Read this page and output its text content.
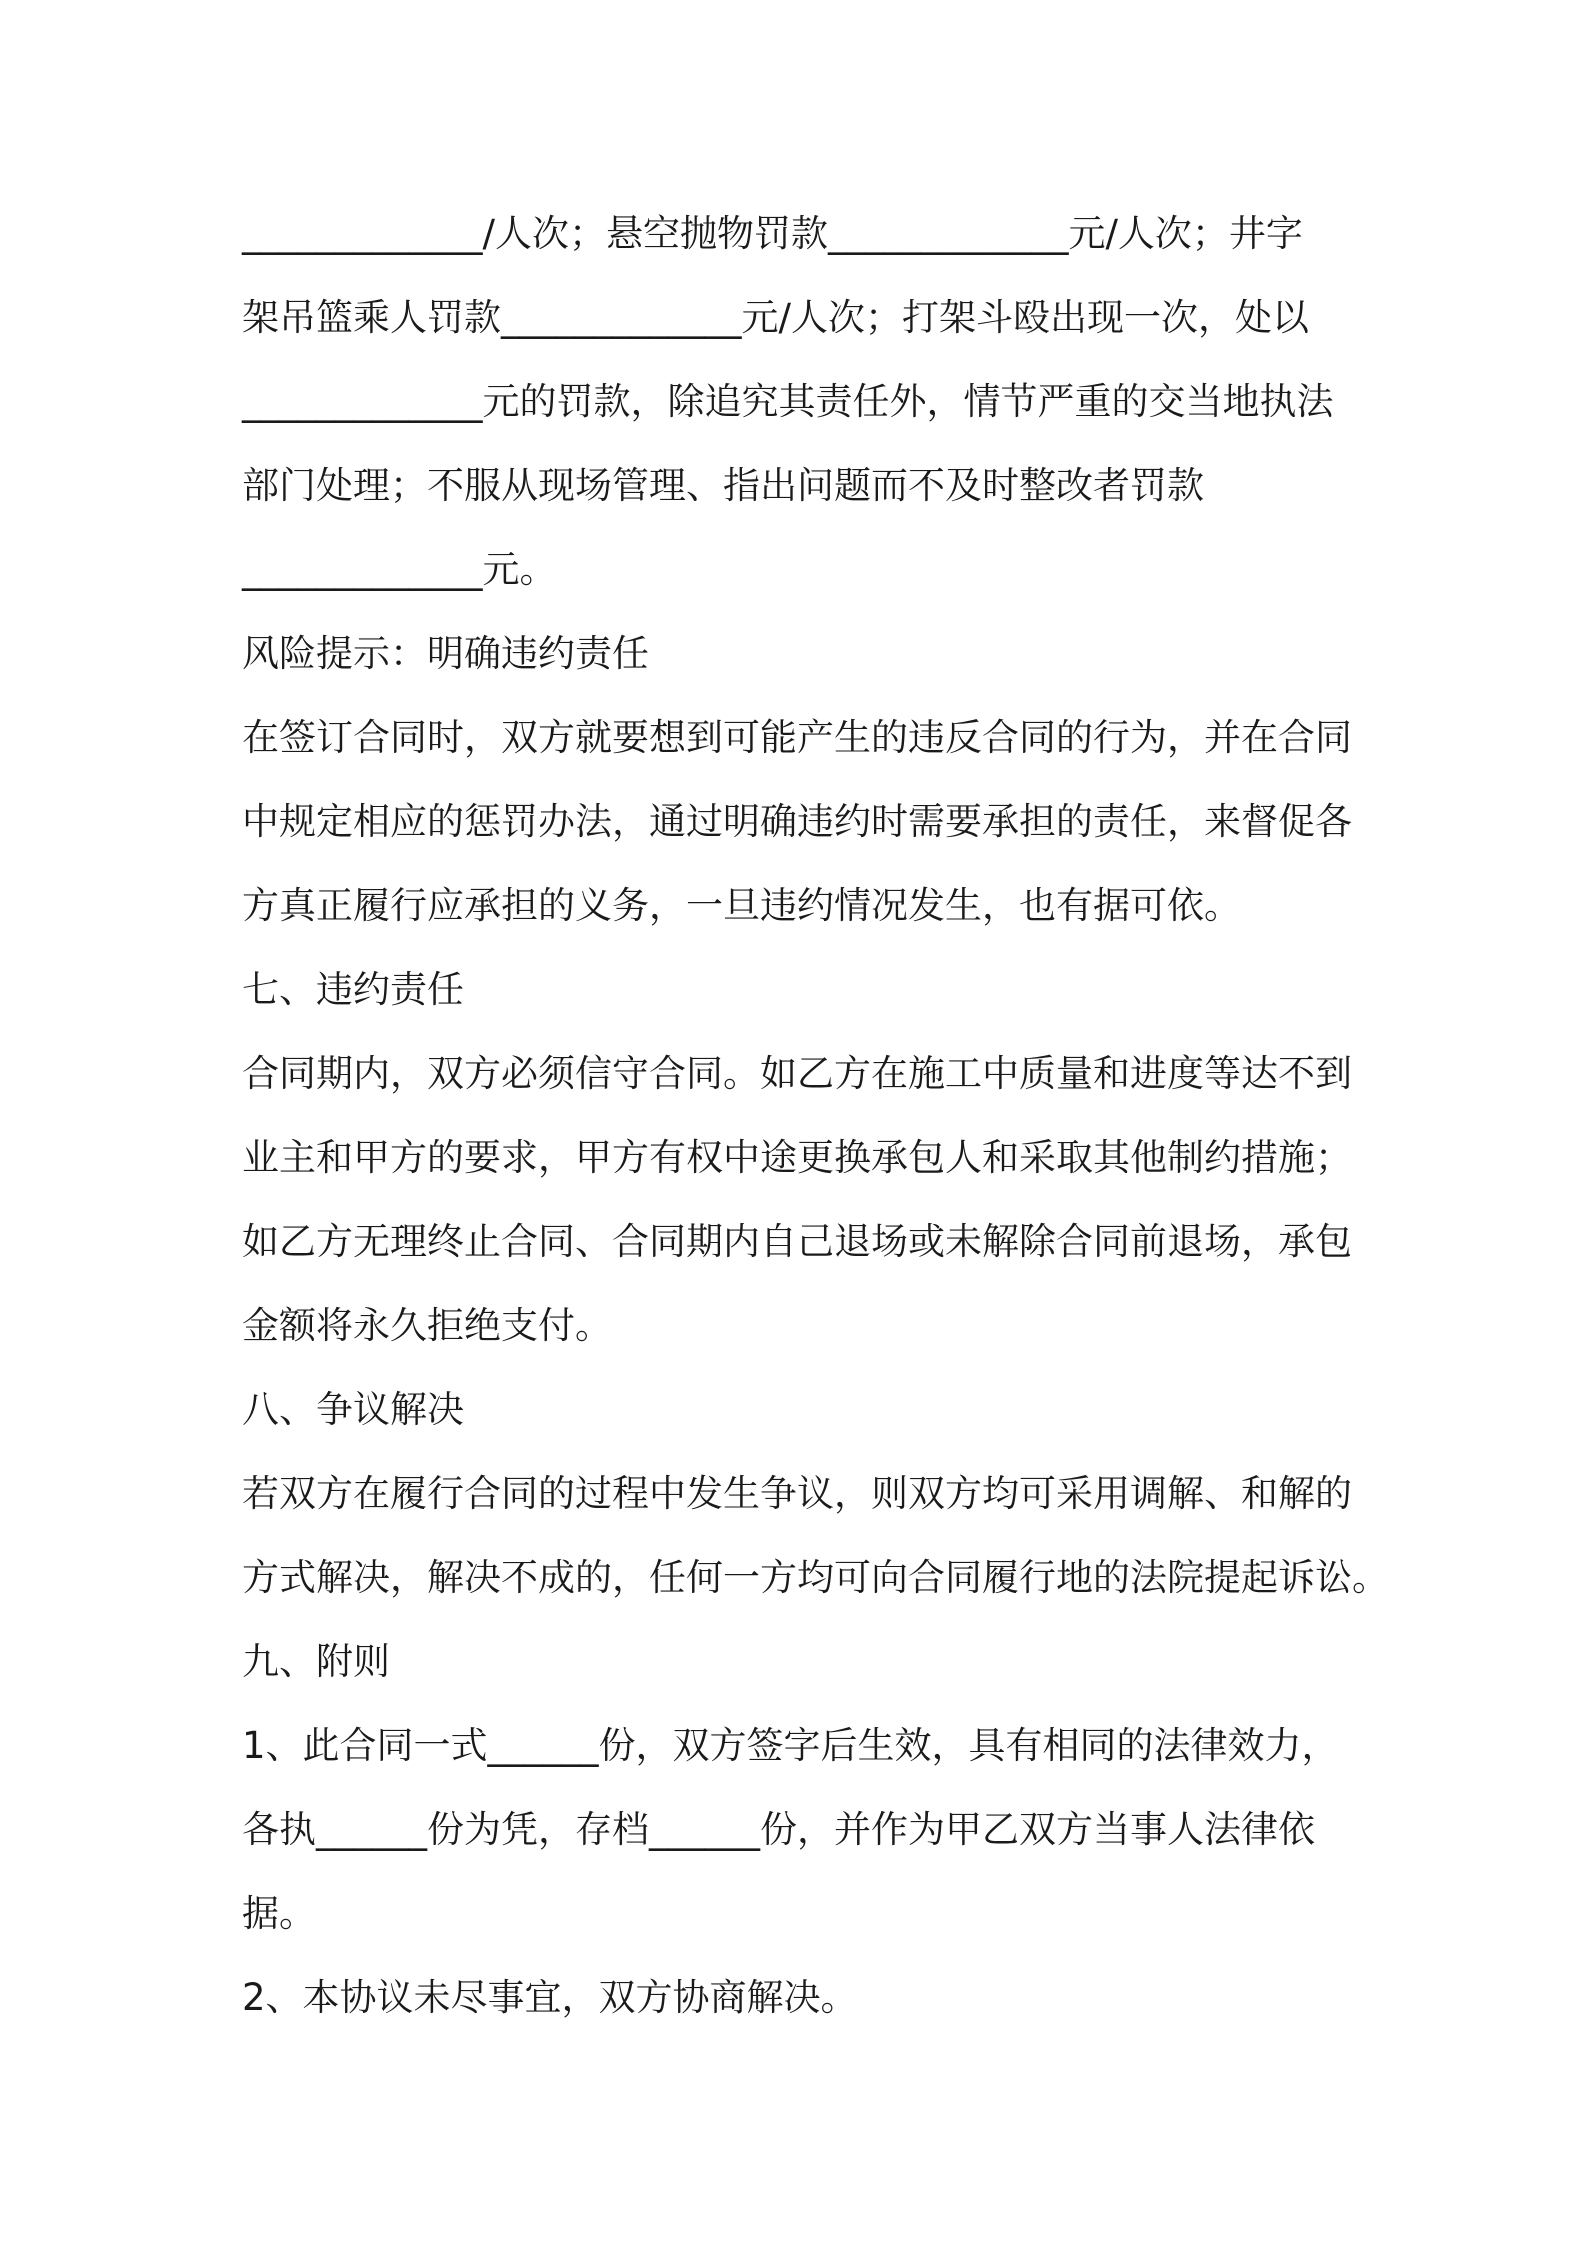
_____________/人次；悬空抛物罚款_____________元/人次；井字
架吊篮乘人罚款_____________元/人次；打架斗殴出现一次，处以
_____________元的罚款，除追究其责任外，情节严重的交当地执法
部门处理；不服从现场管理、指出问题而不及时整改者罚款
_____________元。
风险提示：明确违约责任
在签订合同时，双方就要想到可能产生的违反合同的行为，并在合同
中规定相应的惩罚办法，通过明确违约时需要承担的责任，来督促各
方真正履行应承担的义务，一旦违约情况发生，也有据可依。
七、违约责任
合同期内，双方必须信守合同。如乙方在施工中质量和进度等达不到
业主和甲方的要求，甲方有权中途更换承包人和采取其他制约措施；
如乙方无理终止合同、合同期内自己退场或未解除合同前退场，承包
金额将永久拒绝支付。
八、争议解决
若双方在履行合同的过程中发生争议，则双方均可采用调解、和解的
方式解决，解决不成的，任何一方均可向合同履行地的法院提起诉讼。
九、附则
1、此合同一式______份，双方签字后生效，具有相同的法律效力，
各执______份为凭，存档______份，并作为甲乙双方当事人法律依
据。
2、本协议未尽事宜，双方协商解决。
